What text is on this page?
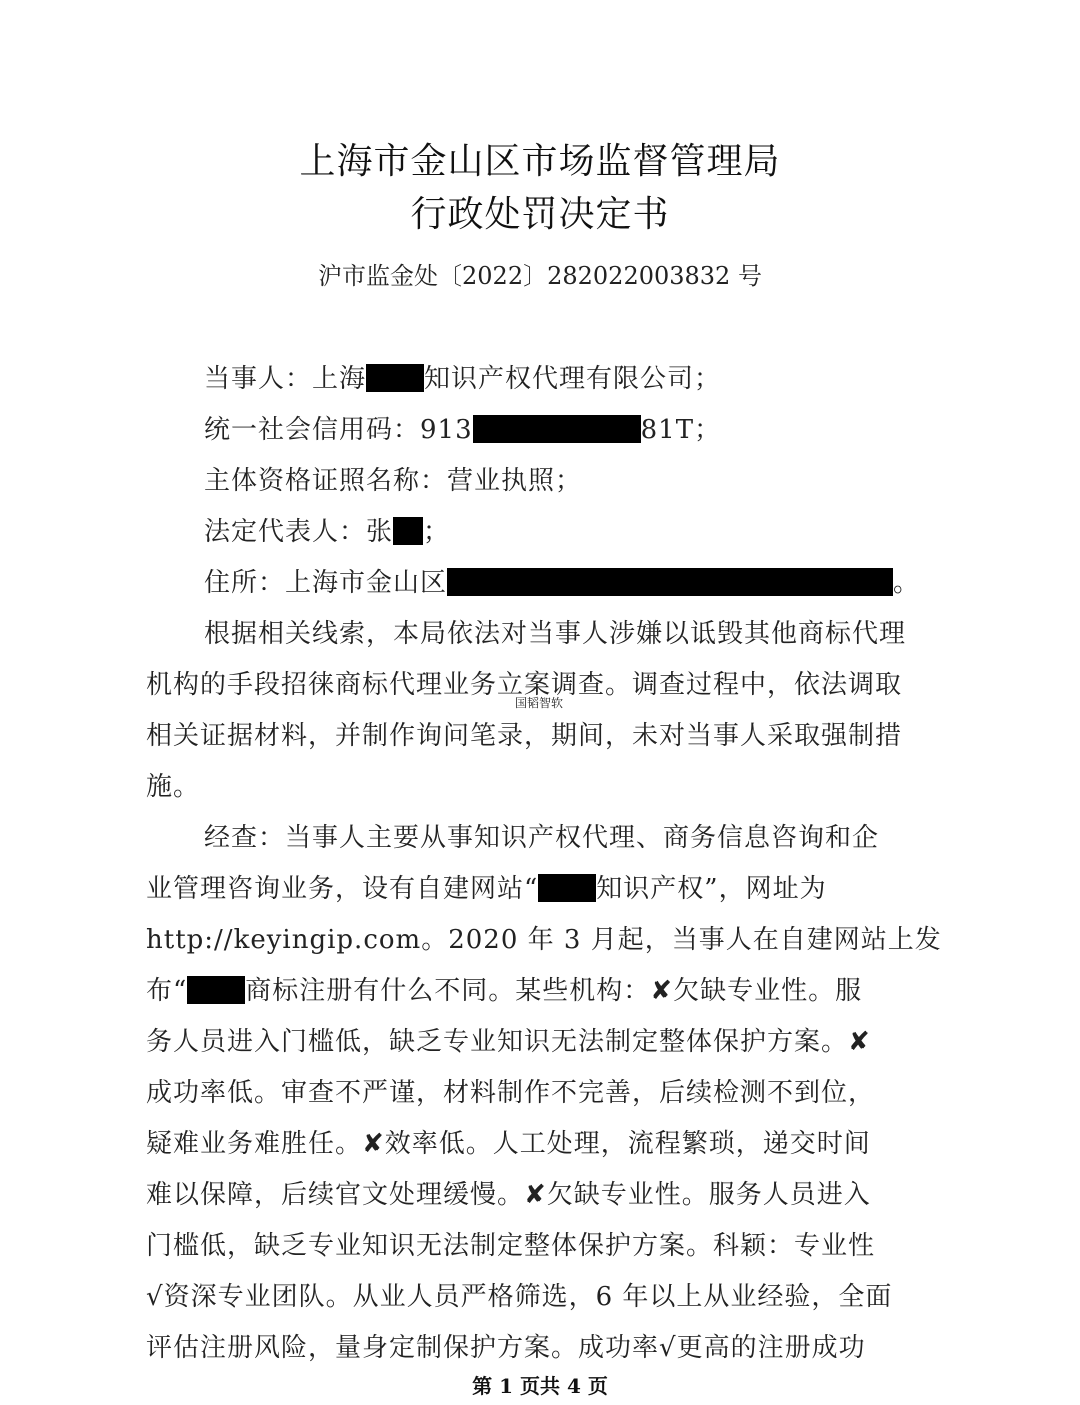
上海市金山区市场监督管理局
行政处罚决定书
沪市监金处〔2022〕282022003832 号
当事人：上海 知识产权代理有限公司；
统一社会信用码：913	81T；
主体资格证照名称：营业执照；
法定代表人：张 ；
住所：上海市金山区	。
根据相关线索，本局依法对当事人涉嫌以诋毁其他商标代理
机构的手段招徕商标代理业务立案调查。调查过程中，依法调取
相关证据材料，并制作询问笔录，期间，未对当事人采取强制措
施。
国韬智软
经查：当事人主要从事知识产权代理、商务信息咨询和企
业管理咨询业务，设有自建网站“ 知识产权”，网址为
http://keyingip.com。2020 年 3 月起，当事人在自建网站上发
布“ 商标注册有什么不同。某些机构：✘欠缺专业性。服
务人员进入门槛低，缺乏专业知识无法制定整体保护方案。✘
成功率低。审查不严谨，材料制作不完善，后续检测不到位，
疑难业务难胜任。✘效率低。人工处理，流程繁琐，递交时间
难以保障，后续官文处理缓慢。✘欠缺专业性。服务人员进入
门槛低，缺乏专业知识无法制定整体保护方案。科颖：专业性
√资深专业团队。从业人员严格筛选，6 年以上从业经验，全面
评估注册风险，量身定制保护方案。成功率√更高的注册成功
第 1 页共 4 页
